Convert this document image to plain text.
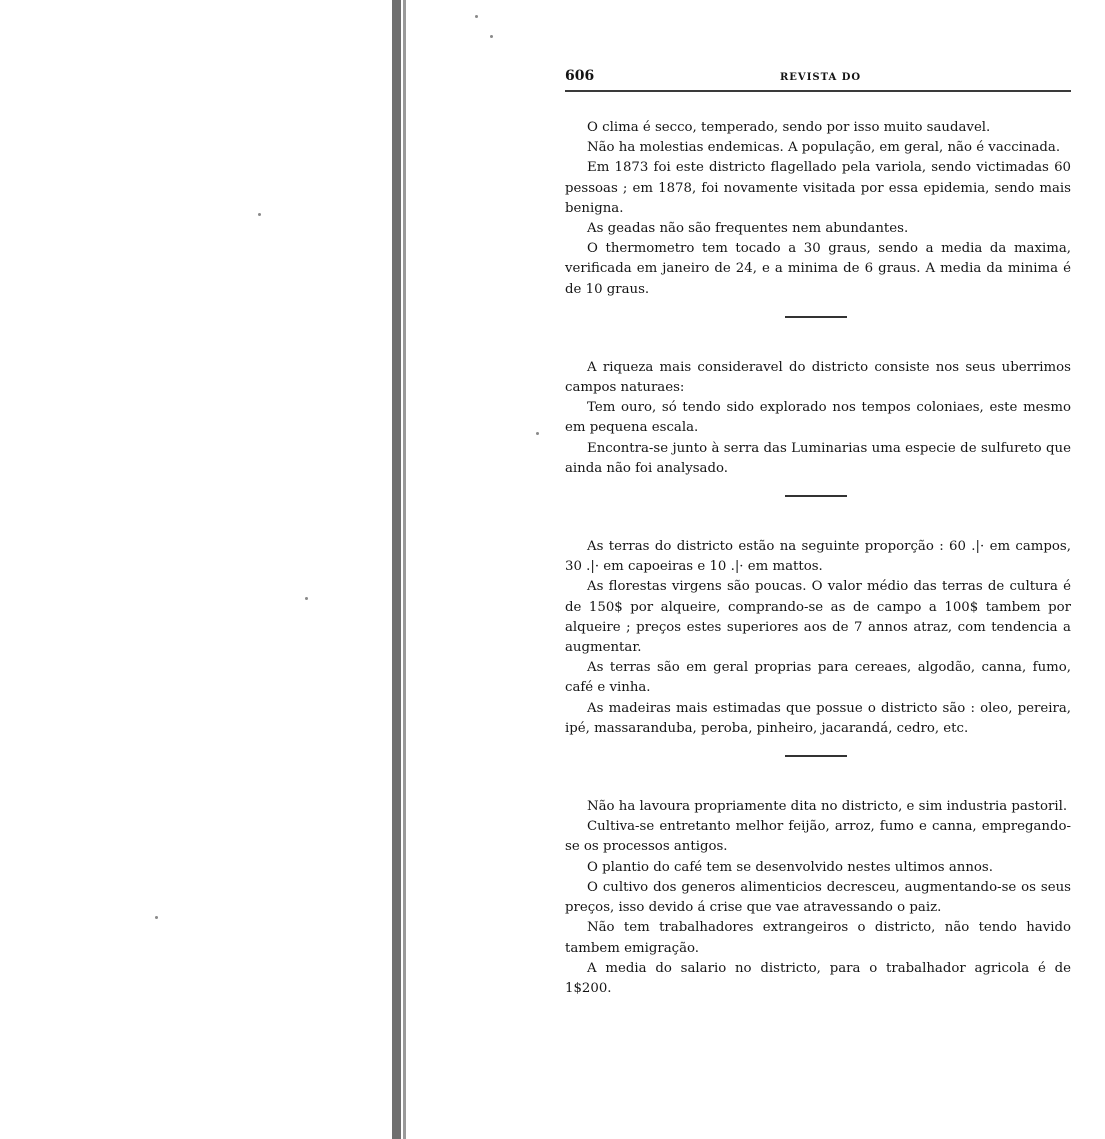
606	REVISTA DO

O clima é secco, temperado, sendo por isso muito saudavel.

Não ha molestias endemicas. A população, em geral, não é vaccinada.

Em 1873 foi este districto flagellado pela variola, sendo victimadas 60 pessoas ; em 1878, foi novamente visitada por essa epidemia, sendo mais benigna.

As geadas não são frequentes nem abundantes.

O thermometro tem tocado a 30 graus, sendo a media da maxima, verificada em janeiro de 24, e a minima de 6 graus. A media da minima é de 10 graus.

A riqueza mais consideravel do districto consiste nos seus uberrimos campos naturaes:

Tem ouro, só tendo sido explorado nos tempos coloniaes, este mesmo em pequena escala.

Encontra-se junto à serra das Luminarias uma especie de sulfureto que ainda não foi analysado.

As terras do districto estão na seguinte proporção : 60 .|· em campos, 30 .|· em capoeiras e 10 .|· em mattos.

As florestas virgens são poucas. O valor médio das terras de cultura é de 150$ por alqueire, comprando-se as de campo a 100$ tambem por alqueire ; preços estes superiores aos de 7 annos atraz, com tendencia a augmentar.

As terras são em geral proprias para cereaes, algodão, canna, fumo, café e vinha.

As madeiras mais estimadas que possue o districto são : oleo, pereira, ipé, massaranduba, peroba, pinheiro, jacarandá, cedro, etc.

Não ha lavoura propriamente dita no districto, e sim industria pastoril.

Cultiva-se entretanto melhor feijão, arroz, fumo e canna, empregando-se os processos antigos.

O plantio do café tem se desenvolvido nestes ultimos annos.

O cultivo dos generos alimenticios decresceu, augmentando-se os seus preços, isso devido á crise que vae atravessando o paiz.

Não tem trabalhadores extrangeiros o districto, não tendo havido tambem emigração.

A media do salario no districto, para o trabalhador agricola é de 1$200.
